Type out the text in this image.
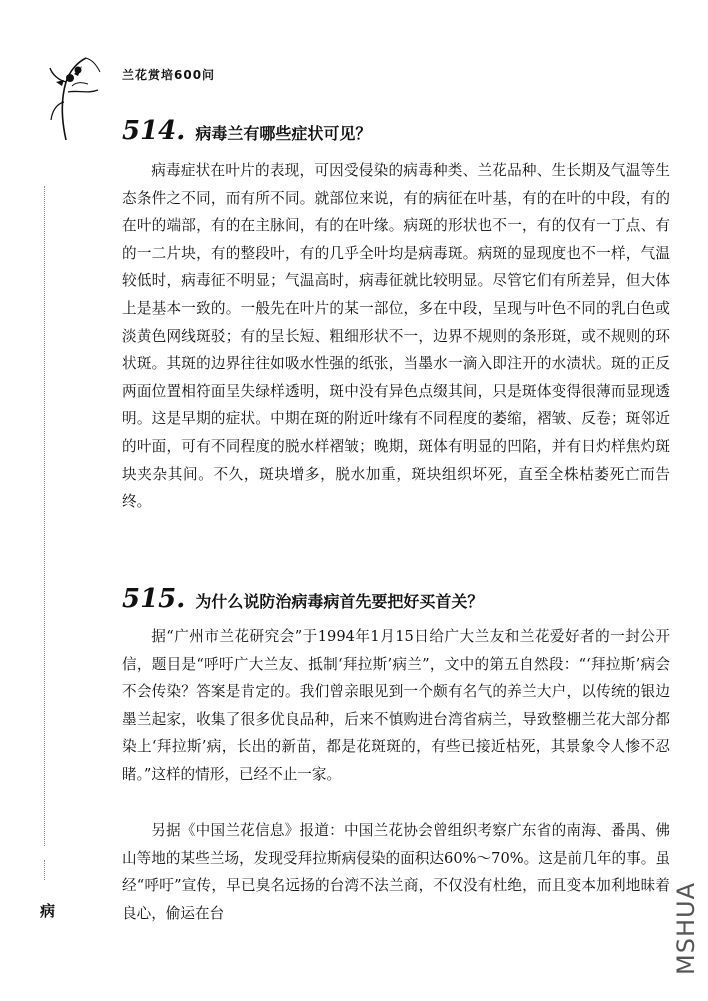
兰花赏培600问
病	MSHUA
514. 病毒兰有哪些症状可见？

病毒症状在叶片的表现，可因受侵染的病毒种类、兰花品种、生长期及气温等生态条件之不同，而有所不同。就部位来说，有的病征在叶基，有的在叶的中段，有的在叶的端部，有的在主脉间，有的在叶缘。病斑的形状也不一，有的仅有一丁点、有的一二片块，有的整段叶，有的几乎全叶均是病毒斑。病斑的显现度也不一样，气温较低时，病毒征不明显；气温高时，病毒征就比较明显。尽管它们有所差异，但大体上是基本一致的。一般先在叶片的某一部位，多在中段，呈现与叶色不同的乳白色或淡黄色网线斑驳；有的呈长短、粗细形状不一，边界不规则的条形斑，或不规则的环状斑。其斑的边界往往如吸水性强的纸张，当墨水一滴入即注开的水渍状。斑的正反两面位置相符面呈失绿样透明，斑中没有异色点缀其间，只是斑体变得很薄而显现透明。这是早期的症状。中期在斑的附近叶缘有不同程度的萎缩，褶皱、反卷；斑邻近的叶面，可有不同程度的脱水样褶皱；晚期，斑体有明显的凹陷，并有日灼样焦灼斑块夹杂其间。不久，斑块增多，脱水加重，斑块组织坏死，直至全株枯萎死亡而告终。

515. 为什么说防治病毒病首先要把好买首关？

据“广州市兰花研究会”于1994年1月15日给广大兰友和兰花爱好者的一封公开信，题目是“呼吁广大兰友、抵制‘拜拉斯’病兰”，文中的第五自然段：“‘拜拉斯’病会不会传染？答案是肯定的。我们曾亲眼见到一个颇有名气的养兰大户，以传统的银边墨兰起家，收集了很多优良品种，后来不慎购进台湾省病兰，导致整棚兰花大部分都染上‘拜拉斯’病，长出的新苗，都是花斑斑的，有些已接近枯死，其景象令人惨不忍睹。”这样的情形，已经不止一家。

另据《中国兰花信息》报道：中国兰花协会曾组织考察广东省的南海、番禺、佛山等地的某些兰场，发现受拜拉斯病侵染的面积达60%～70%。这是前几年的事。虽经“呼吁”宣传，早已臭名远扬的台湾不法兰商，不仅没有杜绝，而且变本加利地昧着良心，偷运在台
